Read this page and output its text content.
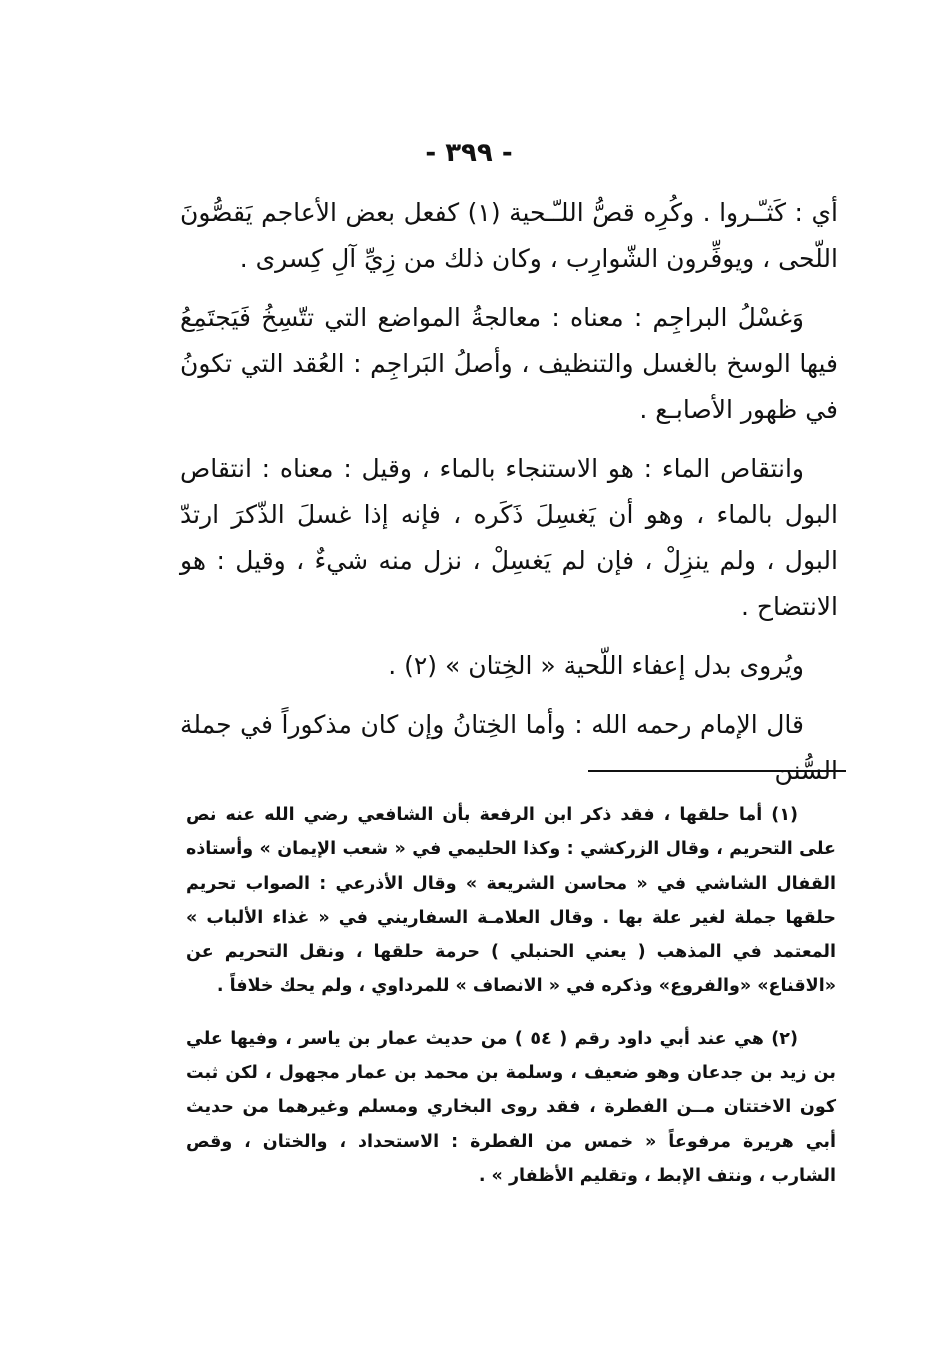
- ٣٩٩ -

أي : كَثـّـروا . وكُرِه قصُّ اللـّـحية (١) كفعل بعض الأعاجم يَقصُّونَ اللّحى ، ويوفِّرون الشّوارِب ، وكان ذلك من زِيِّ آلِ كِسرى .

وَغسْلُ البراجِم : معناه : معالجةُ المواضع التي تتّسِخُ فَيَجتَمِعُ فيها الوسخ بالغسل والتنظيف ، وأصلُ البَراجِم : العُقد التي تكونُ في ظهور الأصابـع .

وانتقاص الماء : هو الاستنجاء بالماء ، وقيل : معناه : انتقاص البول بالماء ، وهو أن يَغسِلَ ذَكَره ، فإنه إذا غسلَ الذّكرَ ارتدّ البول ، ولم ينزِلْ ، فإن لم يَغسِلْ ، نزل منه شيءٌ ، وقيل : هو الانتضاح .

ويُروى بدل إعفاء اللّحية « الخِتان » (٢) .

قال الإمام رحمه الله : وأما الخِتانُ وإن كان مذكوراً في جملة السُّنن

(١) أما حلقها ، فقد ذكر ابن الرفعة بأن الشافعي رضي الله عنه نص على التحريم ، وقال الزركشي : وكذا الحليمي في « شعب الإيمان » وأستاذه القفال الشاشي في « محاسن الشريعة » وقال الأذرعي : الصواب تحريم حلقها جملة لغير علة بها . وقال العلامـة السفاريني في « غذاء الألباب » المعتمد في المذهب ( يعني الحنبلي ) حرمة حلقها ، ونقل التحريم عن «الاقناع» «والفروع» وذكره في « الانصاف » للمرداوي ، ولم يحك خلافاً .

(٢) هي عند أبي داود رقم ( ٥٤ ) من حديث عمار بن ياسر ، وفيها علي بن زيد بن جدعان وهو ضعيف ، وسلمة بن محمد بن عمار مجهول ، لكن ثبت كون الاختتان مــن الفطرة ، فقد روى البخاري ومسلم وغيرهما من حديث أبي هريرة مرفوعاً « خمس من الفطرة : الاستحداد ، والختان ، وقص الشارب ، ونتف الإبط ، وتقليم الأظفار » .
